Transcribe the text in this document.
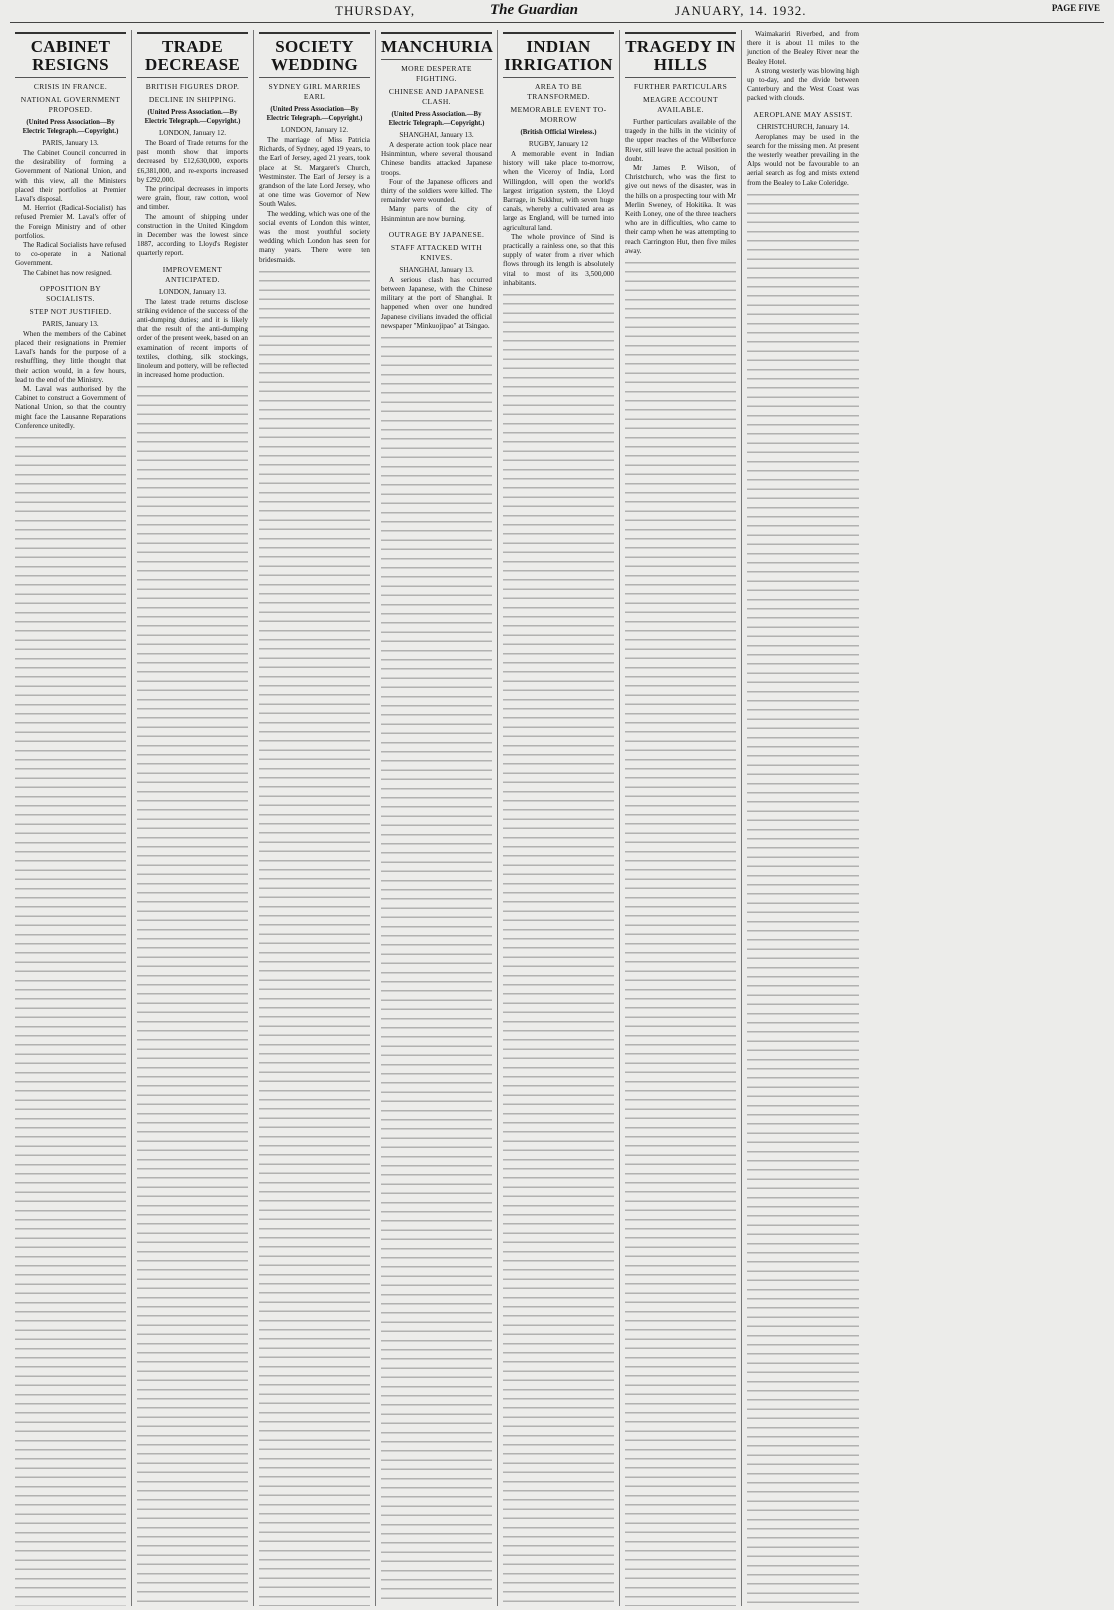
THURSDAY,	The Guardian	JANUARY, 14. 1932.	PAGE FIVE
CABINET RESIGNS
CRISIS IN FRANCE.
NATIONAL GOVERNMENT PROPOSED.
(United Press Association—By Electric Telegraph.—Copyright.)
PARIS, January 13.

The Cabinet Council concurred in the desirability of forming a Government of National Union, and with this view, all the Ministers placed their portfolios at Premier Laval's disposal.

M. Herriot (Radical-Socialist) has refused Premier M. Laval's offer of the Foreign Ministry and of other portfolios.

The Radical Socialists have refused to co-operate in a National Government.

The Cabinet has now resigned.

OPPOSITION BY SOCIALISTS.
STEP NOT JUSTIFIED.
PARIS, January 13.

When the members of the Cabinet placed their resignations in Premier Laval's hands for the purpose of a reshuffling, they little thought that their action would, in a few hours, lead to the end of the Ministry.

M. Laval was authorised by the Cabinet to construct a Government of National Union, so that the country might face the Lausanne Reparations Conference unitedly.

TRADE DECREASE
BRITISH FIGURES DROP.
DECLINE IN SHIPPING.
(United Press Association.—By Electric Telegraph.—Copyright.)
LONDON, January 12.

The Board of Trade returns for the past month show that imports decreased by £12,630,000, exports £6,381,000, and re-exports increased by £292,000.

The principal decreases in imports were grain, flour, raw cotton, wool and timber.

The amount of shipping under construction in the United Kingdom in December was the lowest since 1887, according to Lloyd's Register quarterly report.

IMPROVEMENT ANTICIPATED.
LONDON, January 13.

The latest trade returns disclose striking evidence of the success of the anti-dumping duties; and it is likely that the result of the anti-dumping order of the present week, based on an examination of recent imports of textiles, clothing, silk stockings, linoleum and pottery, will be reflected in increased home production.

SOCIETY WEDDING
SYDNEY GIRL MARRIES EARL
(United Press Association—By Electric Telegraph.—Copyright.)
LONDON, January 12.

The marriage of Miss Patricia Richards, of Sydney, aged 19 years, to the Earl of Jersey, aged 21 years, took place at St. Margaret's Church, Westminster. The Earl of Jersey is a grandson of the late Lord Jersey, who at one time was Governor of New South Wales.

The wedding, which was one of the social events of London this winter, was the most youthful society wedding which London has seen for many years. There were ten bridesmaids.

MANCHURIA
MORE DESPERATE FIGHTING.
CHINESE AND JAPANESE CLASH.
(United Press Association.—By Electric Telegraph.—Copyright.)
SHANGHAI, January 13.

A desperate action took place near Hsinmintun, where several thousand Chinese bandits attacked Japanese troops.

Four of the Japanese officers and thirty of the soldiers were killed. The remainder were wounded.

Many parts of the city of Hsinmintun are now burning.

OUTRAGE BY JAPANESE.
STAFF ATTACKED WITH KNIVES.
SHANGHAI, January 13.

A serious clash has occurred between Japanese, with the Chinese military at the port of Shanghai. It happened when over one hundred Japanese civilians invaded the official newspaper "Minkuojipao" at Tsingao.

INDIAN IRRIGATION
AREA TO BE TRANSFORMED.
MEMORABLE EVENT TO-MORROW
(British Official Wireless.)
RUGBY, January 12

A memorable event in Indian history will take place to-morrow, when the Viceroy of India, Lord Willingdon, will open the world's largest irrigation system, the Lloyd Barrage, in Sukkhur, with seven huge canals, whereby a cultivated area as large as England, will be turned into agricultural land.

The whole province of Sind is practically a rainless one, so that this supply of water from a river which flows through its length is absolutely vital to most of its 3,500,000 inhabitants.

TRAGEDY IN HILLS
FURTHER PARTICULARS
MEAGRE ACCOUNT AVAILABLE.

Further particulars available of the tragedy in the hills in the vicinity of the upper reaches of the Wilberforce River, still leave the actual position in doubt.

Mr James P. Wilson, of Christchurch, who was the first to give out news of the disaster, was in the hills on a prospecting tour with Mr Merlin Sweney, of Hokitika. It was Keith Loney, one of the three teachers who are in difficulties, who came to their camp when he was attempting to reach Carrington Hut, then five miles away.

Waimakariri Riverbed, and from there it is about 11 miles to the junction of the Bealey River near the Bealey Hotel.

A strong westerly was blowing high up to-day, and the divide between Canterbury and the West Coast was packed with clouds.

AEROPLANE MAY ASSIST.
CHRISTCHURCH, January 14.

Aeroplanes may be used in the search for the missing men. At present the westerly weather prevailing in the Alps would not be favourable to an aerial search as fog and mists extend from the Bealey to Lake Coleridge.
